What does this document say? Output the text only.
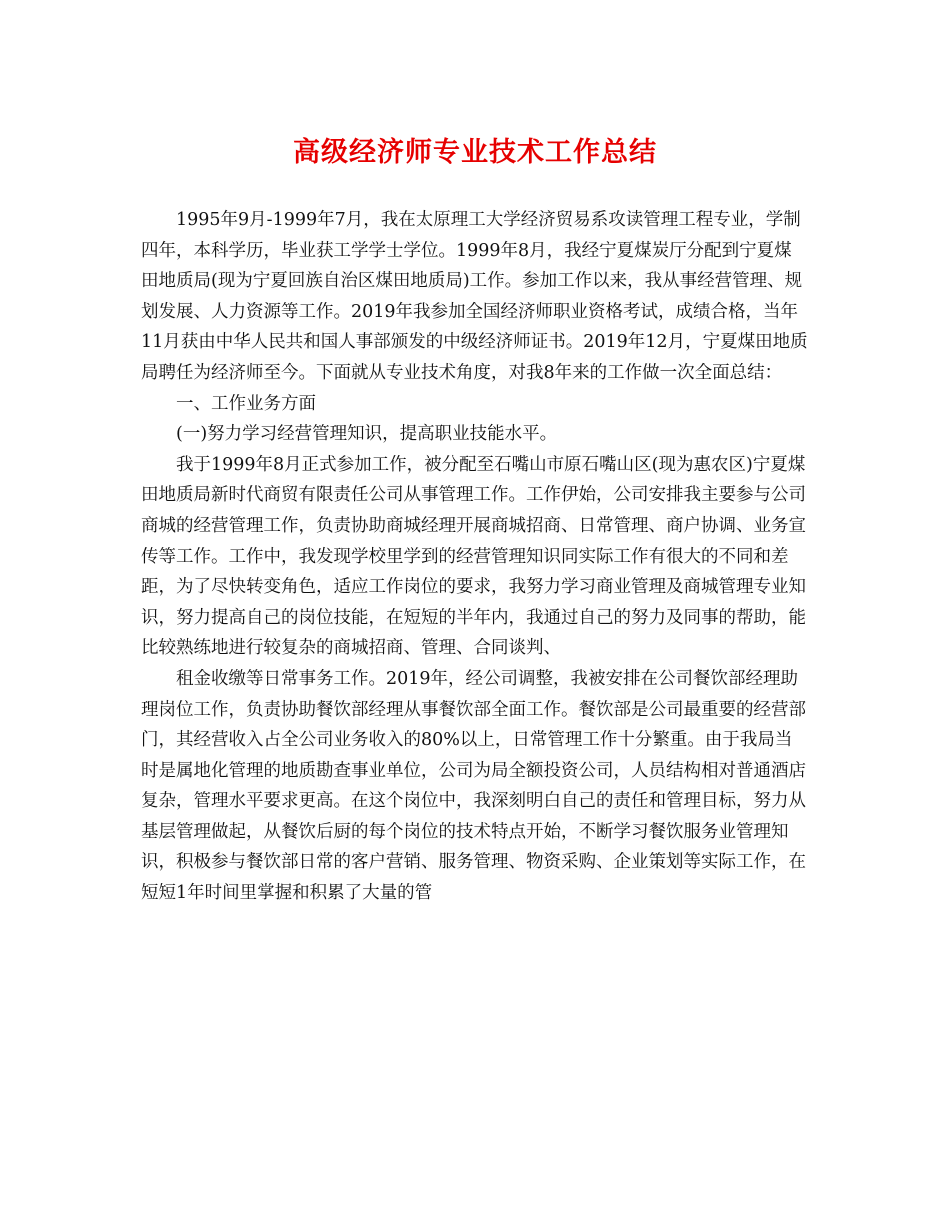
高级经济师专业技术工作总结

1995年9月-1999年7月，我在太原理工大学经济贸易系攻读管理工程专业，学制四年，本科学历，毕业获工学学士学位。1999年8月，我经宁夏煤炭厅分配到宁夏煤田地质局(现为宁夏回族自治区煤田地质局)工作。参加工作以来，我从事经营管理、规划发展、人力资源等工作。2019年我参加全国经济师职业资格考试，成绩合格，当年11月获由中华人民共和国人事部颁发的中级经济师证书。2019年12月，宁夏煤田地质局聘任为经济师至今。下面就从专业技术角度，对我8年来的工作做一次全面总结：

一、工作业务方面

(一)努力学习经营管理知识，提高职业技能水平。

我于1999年8月正式参加工作，被分配至石嘴山市原石嘴山区(现为惠农区)宁夏煤田地质局新时代商贸有限责任公司从事管理工作。工作伊始，公司安排我主要参与公司商城的经营管理工作，负责协助商城经理开展商城招商、日常管理、商户协调、业务宣传等工作。工作中，我发现学校里学到的经营管理知识同实际工作有很大的不同和差距，为了尽快转变角色，适应工作岗位的要求，我努力学习商业管理及商城管理专业知识，努力提高自己的岗位技能，在短短的半年内，我通过自己的努力及同事的帮助，能比较熟练地进行较复杂的商城招商、管理、合同谈判、

租金收缴等日常事务工作。2019年，经公司调整，我被安排在公司餐饮部经理助理岗位工作，负责协助餐饮部经理从事餐饮部全面工作。餐饮部是公司最重要的经营部门，其经营收入占全公司业务收入的80%以上，日常管理工作十分繁重。由于我局当时是属地化管理的地质勘查事业单位，公司为局全额投资公司，人员结构相对普通酒店复杂，管理水平要求更高。在这个岗位中，我深刻明白自己的责任和管理目标，努力从基层管理做起，从餐饮后厨的每个岗位的技术特点开始，不断学习餐饮服务业管理知识，积极参与餐饮部日常的客户营销、服务管理、物资采购、企业策划等实际工作，在短短1年时间里掌握和积累了大量的管
